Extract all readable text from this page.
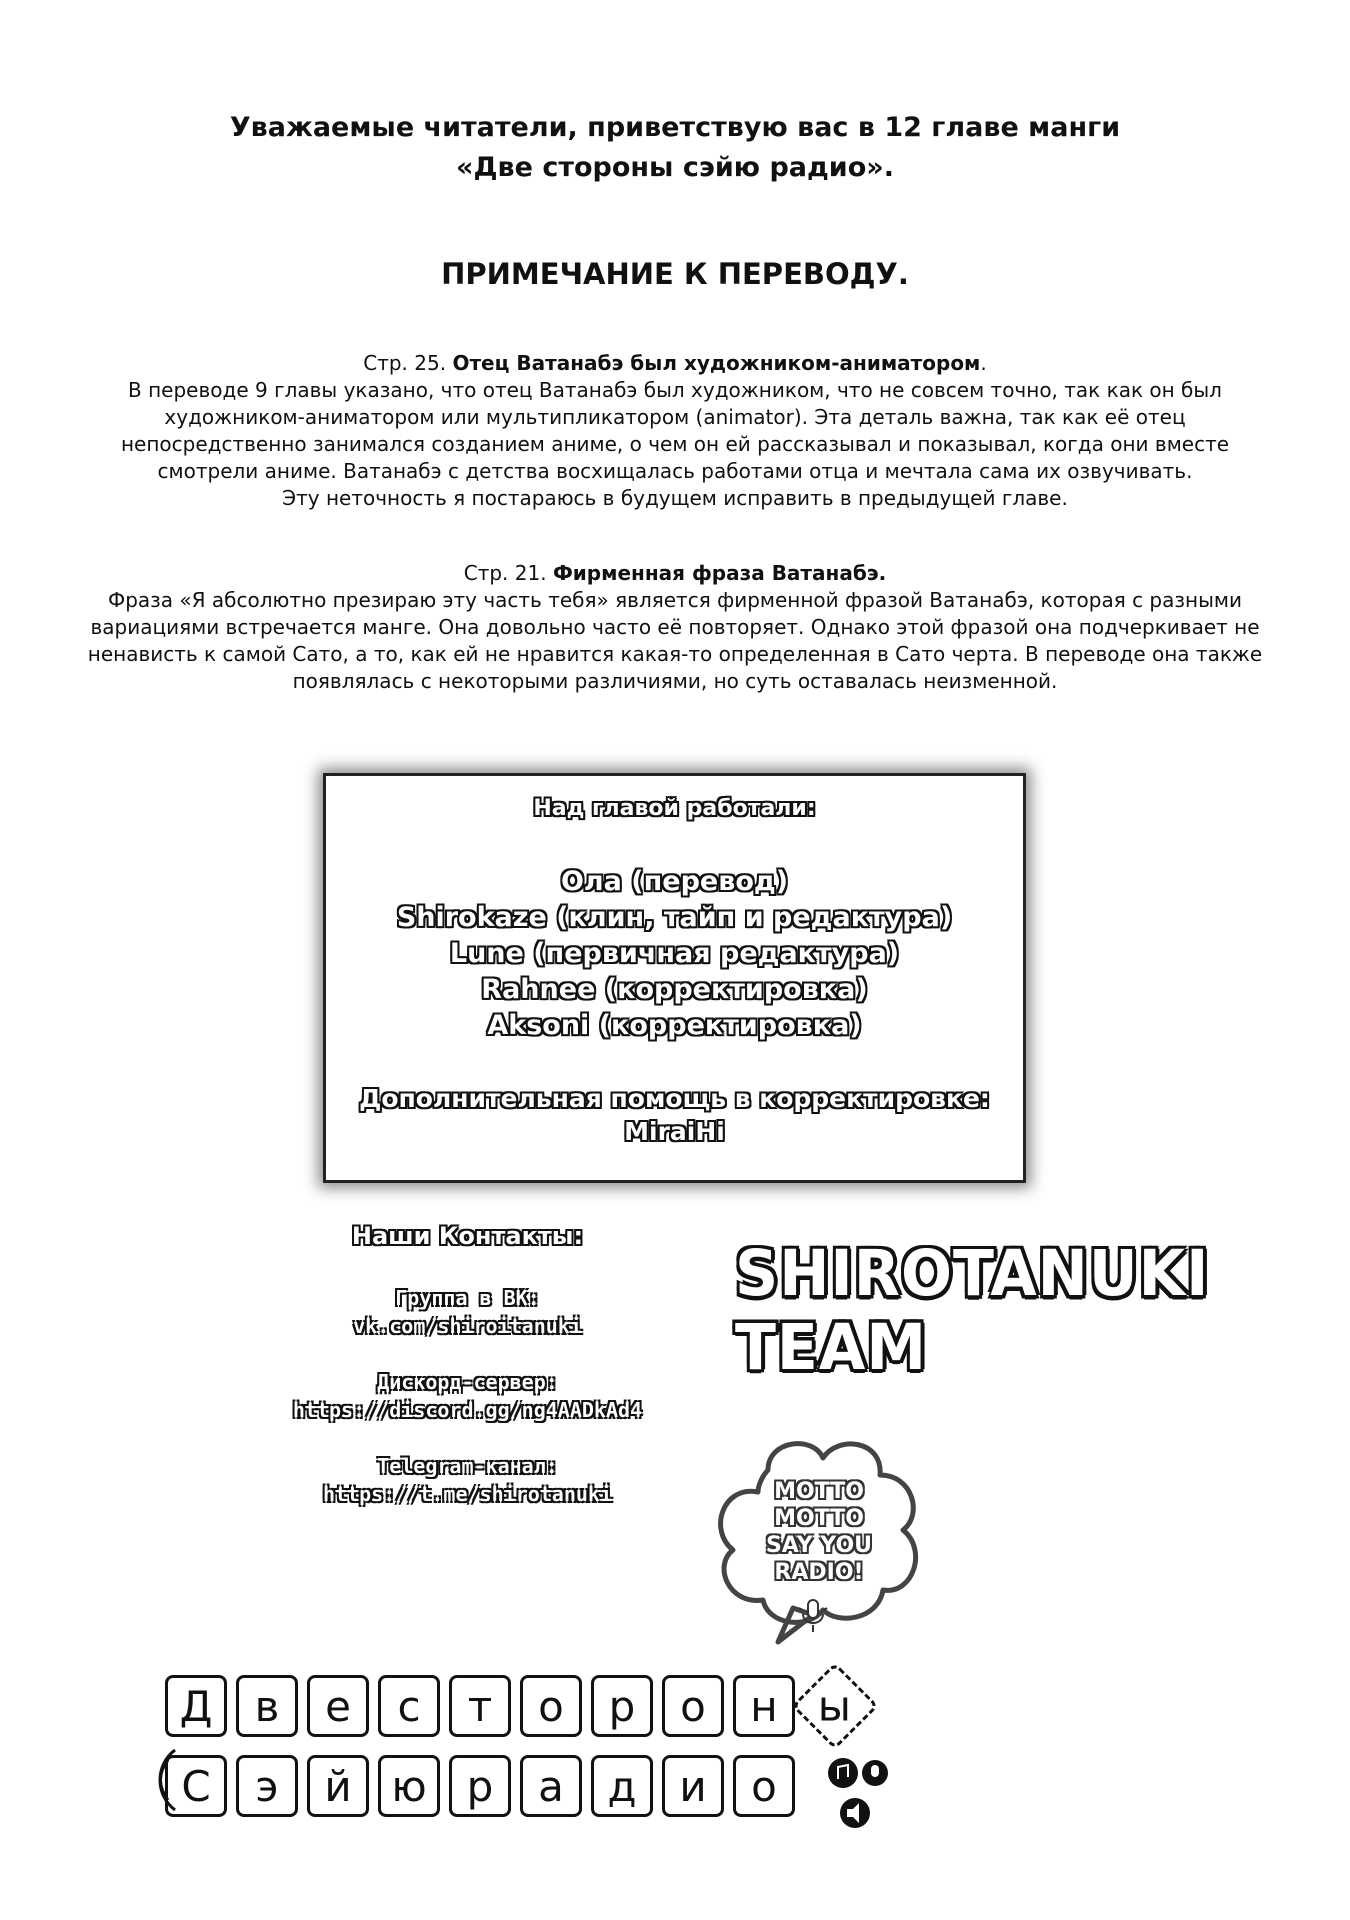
Уважаемые читатели, приветствую вас в 12 главе манги
«Две стороны сэйю радио».
ПРИМЕЧАНИЕ К ПЕРЕВОДУ.
Стр. 25. Отец Ватанабэ был художником-аниматором.
В переводе 9 главы указано, что отец Ватанабэ был художником, что не совсем точно, так как он был
художником-аниматором или мультипликатором (animator). Эта деталь важна, так как её отец
непосредственно занимался созданием аниме, о чем он ей рассказывал и показывал, когда они вместе
смотрели аниме. Ватанабэ с детства восхищалась работами отца и мечтала сама их озвучивать.
Эту неточность я постараюсь в будущем исправить в предыдущей главе.
Стр. 21. Фирменная фраза Ватанабэ.
Фраза «Я абсолютно презираю эту часть тебя» является фирменной фразой Ватанабэ, которая с разными
вариациями встречается манге. Она довольно часто её повторяет. Однако этой фразой она подчеркивает не
ненависть к самой Сато, а то, как ей не нравится какая-то определенная в Сато черта. В переводе она также
появлялась с некоторыми различиями, но суть оставалась неизменной.
Над главой работали:
Ола (перевод)
Shirokaze (клин, тайп и редактура)
Lune (первичная редактура)
Rahnee (корректировка)
Aksoni (корректировка)
Дополнительная помощь в корректировке:
MiraiHi
Наши Контакты:
Группа в ВК:
vk.com/shiroitanuki
Дискорд-сервер:
https://discord.gg/ng4AADkAd4
Telegram-канал:
https://t.me/shirotanuki
SHIROTANUKI TEAM
MOTTO
MOTTO
SAY YOU
RADIO!
Д	в	е	с	т	о	р	о	н ы
С	э	й ю р	а	д	и	о
